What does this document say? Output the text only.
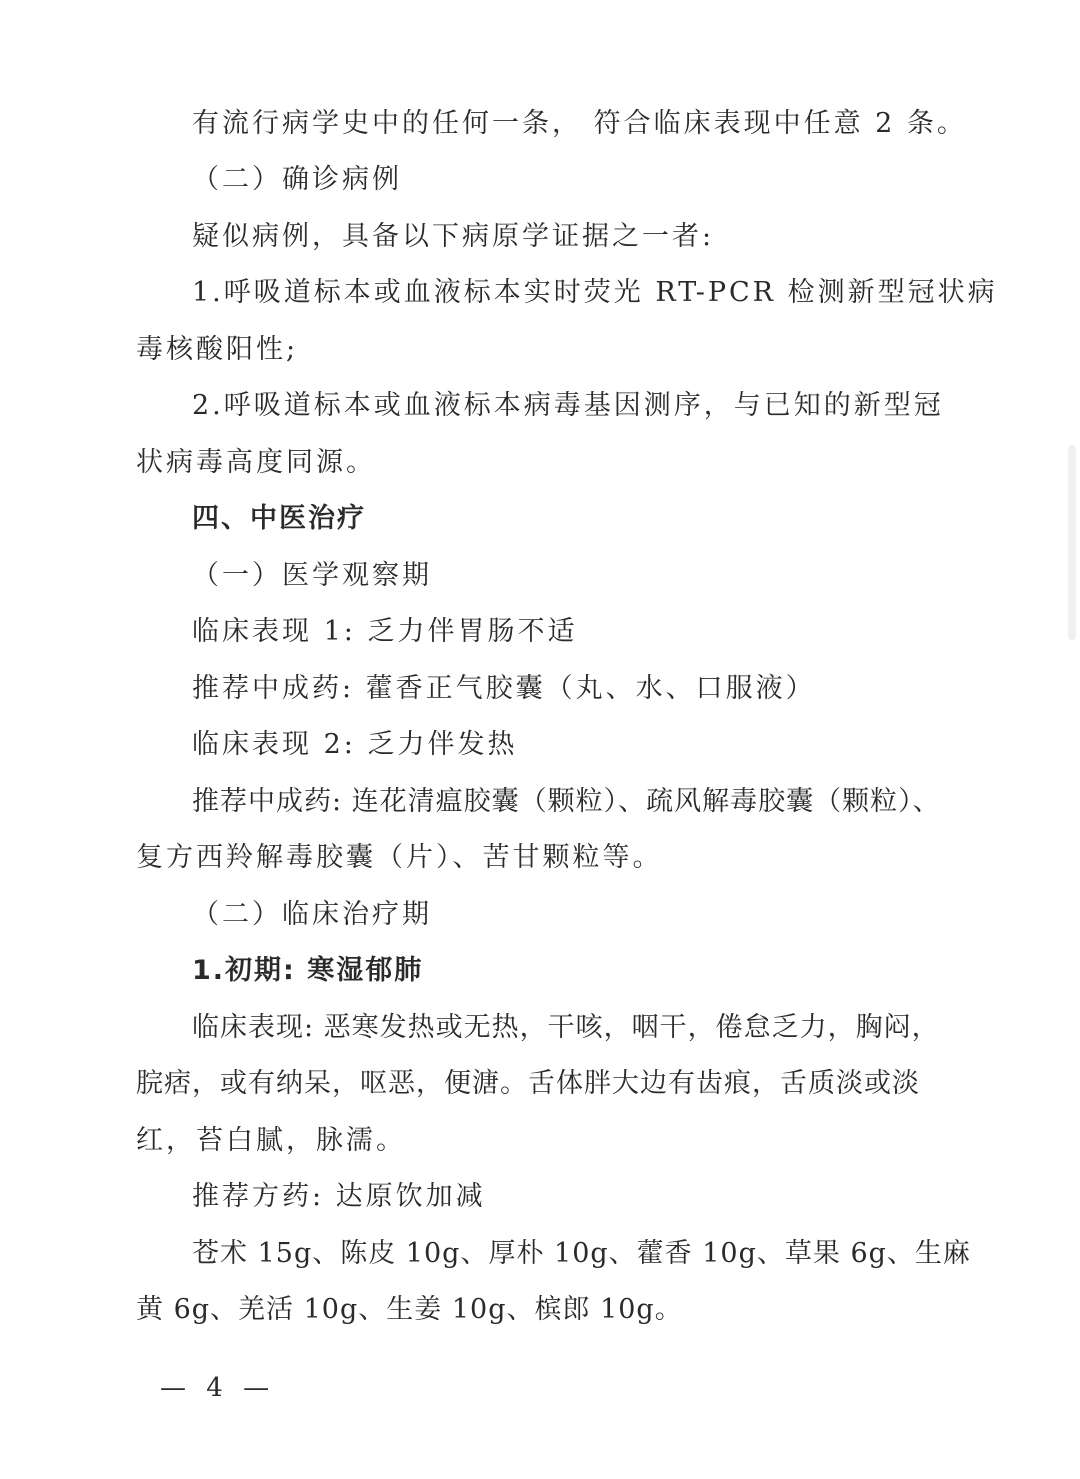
有流行病学史中的任何一条， 符合临床表现中任意 2 条。
（二）确诊病例
疑似病例，具备以下病原学证据之一者:
1.呼吸道标本或血液标本实时荧光 RT-PCR 检测新型冠状病
毒核酸阳性;
2.呼吸道标本或血液标本病毒基因测序，与已知的新型冠
状病毒高度同源。
四、中医治疗
（一）医学观察期
临床表现 1: 乏力伴胃肠不适
推荐中成药: 藿香正气胶囊（丸、水、口服液）
临床表现 2: 乏力伴发热
推荐中成药: 连花清瘟胶囊（颗粒）、疏风解毒胶囊（颗粒）、
复方西羚解毒胶囊（片）、苦甘颗粒等。
（二）临床治疗期
1.初期: 寒湿郁肺
临床表现: 恶寒发热或无热，干咳，咽干，倦怠乏力，胸闷，
脘痞，或有纳呆，呕恶，便溏。舌体胖大边有齿痕，舌质淡或淡
红，苔白腻，脉濡。
推荐方药: 达原饮加减
苍术 15g、陈皮 10g、厚朴 10g、藿香 10g、草果 6g、生麻
黄 6g、羌活 10g、生姜 10g、槟郎 10g。
— 4 —
